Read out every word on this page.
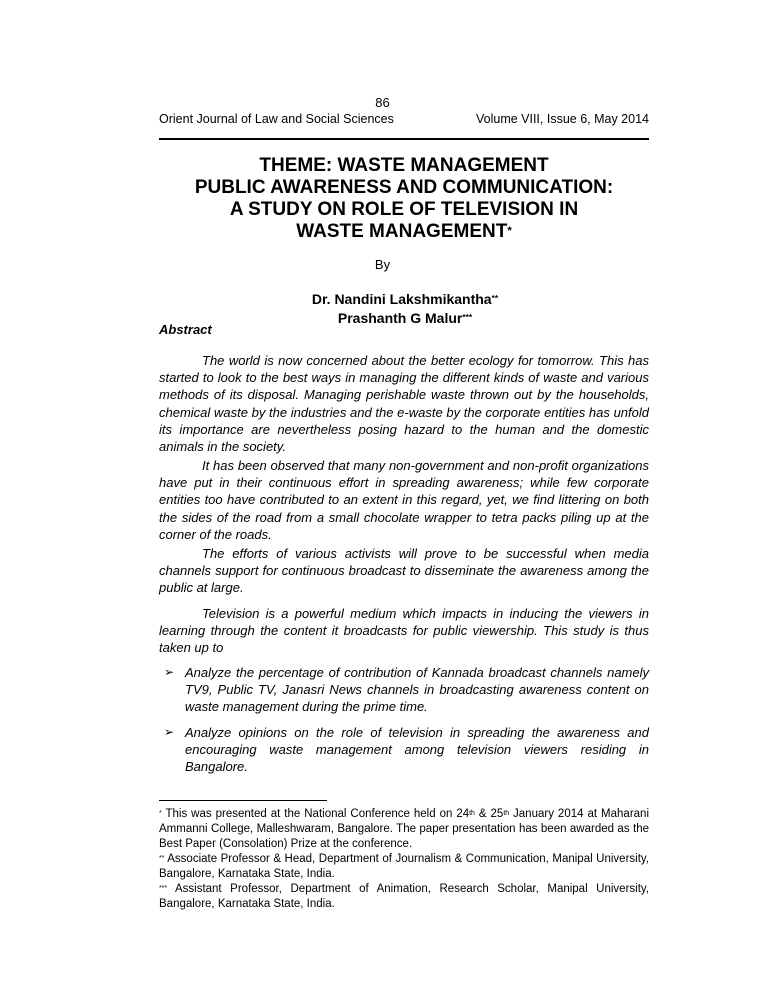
86
Orient Journal of Law and Social Sciences	Volume VIII, Issue 6, May 2014
THEME: WASTE MANAGEMENT
PUBLIC AWARENESS AND COMMUNICATION:
A STUDY ON ROLE OF TELEVISION IN
WASTE MANAGEMENT*
By
Dr. Nandini Lakshmikantha**
Prashanth G Malur***
Abstract

The world is now concerned about the better ecology for tomorrow. This has started to look to the best ways in managing the different kinds of waste and various methods of its disposal. Managing perishable waste thrown out by the households, chemical waste by the industries and the e-waste by the corporate entities has unfold its importance are nevertheless posing hazard to the human and the domestic animals in the society.

It has been observed that many non-government and non-profit organizations have put in their continuous effort in spreading awareness; while few corporate entities too have contributed to an extent in this regard, yet, we find littering on both the sides of the road from a small chocolate wrapper to tetra packs piling up at the corner of the roads.

The efforts of various activists will prove to be successful when media channels support for continuous broadcast to disseminate the awareness among the public at large.

Television is a powerful medium which impacts in inducing the viewers in learning through the content it broadcasts for public viewership. This study is thus taken up to

➢ Analyze the percentage of contribution of Kannada broadcast channels namely TV9, Public TV, Janasri News channels in broadcasting awareness content on waste management during the prime time.
➢ Analyze opinions on the role of television in spreading the awareness and encouraging waste management among television viewers residing in Bangalore.

* This was presented at the National Conference held on 24th & 25th January 2014 at Maharani Ammanni College, Malleshwaram, Bangalore. The paper presentation has been awarded as the Best Paper (Consolation) Prize at the conference.

** Associate Professor & Head, Department of Journalism & Communication, Manipal University, Bangalore, Karnataka State, India.

*** Assistant Professor, Department of Animation, Research Scholar, Manipal University, Bangalore, Karnataka State, India.
